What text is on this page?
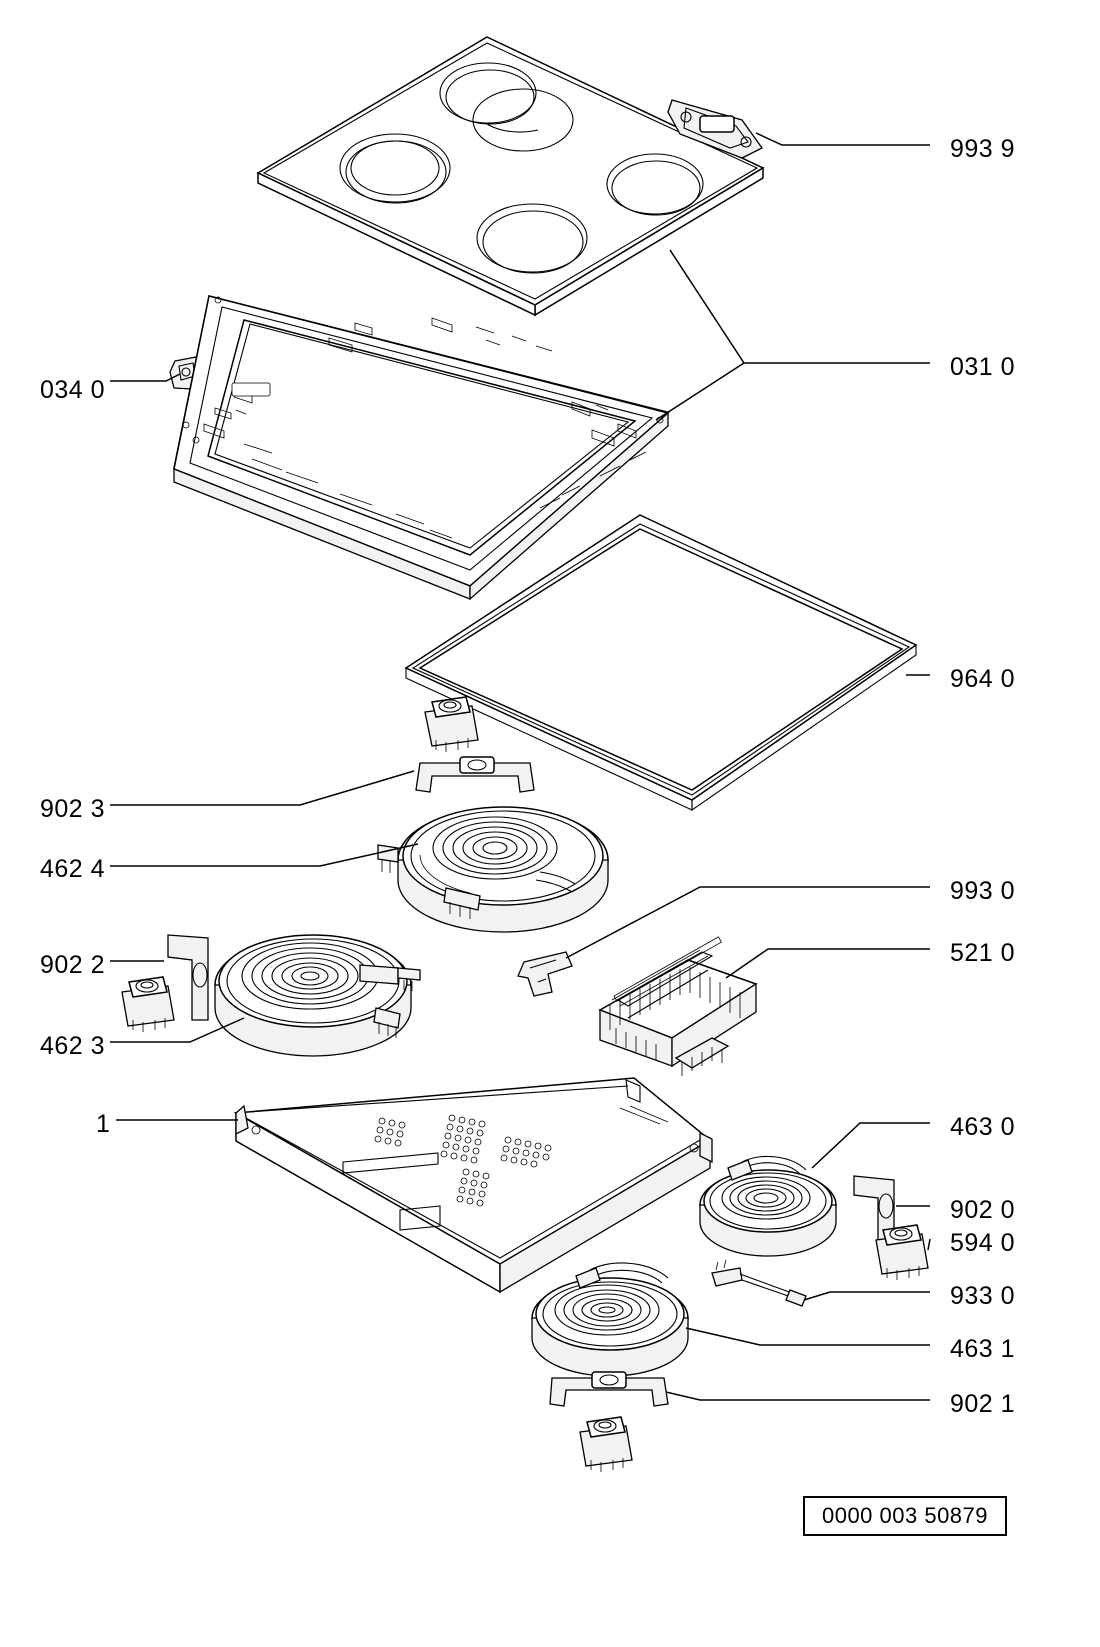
993 9
031 0
034 0
964 0
902 3
462 4
993 0
521 0
902 2
462 3
1	463 0
902 0
594 0
933 0
463 1
902 1
0000 003 50879
